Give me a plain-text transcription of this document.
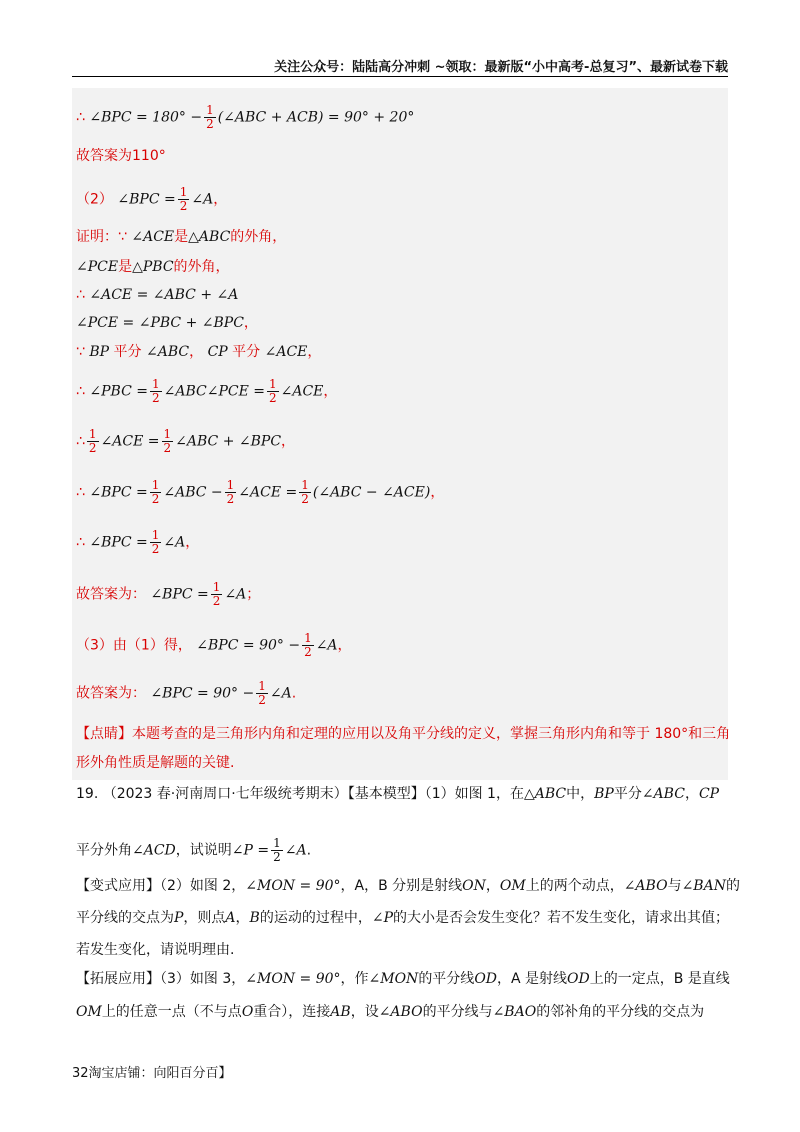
关注公众号：陆陆高分冲刺 ~领取：最新版“小中高考-总复习”、最新试卷下载
∴ ∠BPC = $180^\circ - \frac{1}{2}$ (∠ABC + ACB) = 90° + 20°
故答案为110°
（2） ∠BPC = $\frac{1}{2}$ ∠A，
证明：∵ ∠ACE是△ABC的外角，
∠PCE是△PBC的外角，
∴ ∠ACE = ∠ABC + ∠A
∠PCE = ∠PBC + ∠BPC，
∵ BP 平分 ∠ABC， CP 平分 ∠ACE，
∴ ∠PBC = $\frac{1}{2}$ ∠ABC∠PCE = $\frac{1}{2}$ ∠ACE，
∴ $\frac{1}{2}$ ∠ACE = $\frac{1}{2}$ ∠ABC + ∠BPC，
∴ ∠BPC = $\frac{1}{2}$ ∠ABC − $\frac{1}{2}$ ∠ACE = $\frac{1}{2}$ (∠ABC − ∠ACE)，
∴ ∠BPC = $\frac{1}{2}$ ∠A，
故答案为： ∠BPC = $\frac{1}{2}$ ∠A；
（3）由（1）得， ∠BPC = $90^\circ - \frac{1}{2}$ ∠A，
故答案为： ∠BPC = $90^\circ - \frac{1}{2}$ ∠A.
【点睛】本题考查的是三角形内角和定理的应用以及角平分线的定义，掌握三角形内角和等于 180°和三角
形外角性质是解题的关键.
19. （2023 春·河南周口·七年级统考期末）【基本模型】（1）如图 1，在△ABC中，BP平分∠ABC，CP
平分外角∠ACD，试说明∠P = $\frac{1}{2}$ ∠A.
【变式应用】（2）如图 2，∠MON = 90°，A，B 分别是射线ON，OM上的两个动点，∠ABO与∠BAN的
平分线的交点为P，则点A，B的运动的过程中，∠P的大小是否会发生变化？若不发生变化，请求出其值；
若发生变化，请说明理由.
【拓展应用】（3）如图 3，∠MON = 90°，作∠MON的平分线OD，A 是射线OD上的一定点，B 是直线
OM上的任意一点（不与点O重合），连接AB，设∠ABO的平分线与∠BAO的邻补角的平分线的交点为
32淘宝店铺：向阳百分百】
